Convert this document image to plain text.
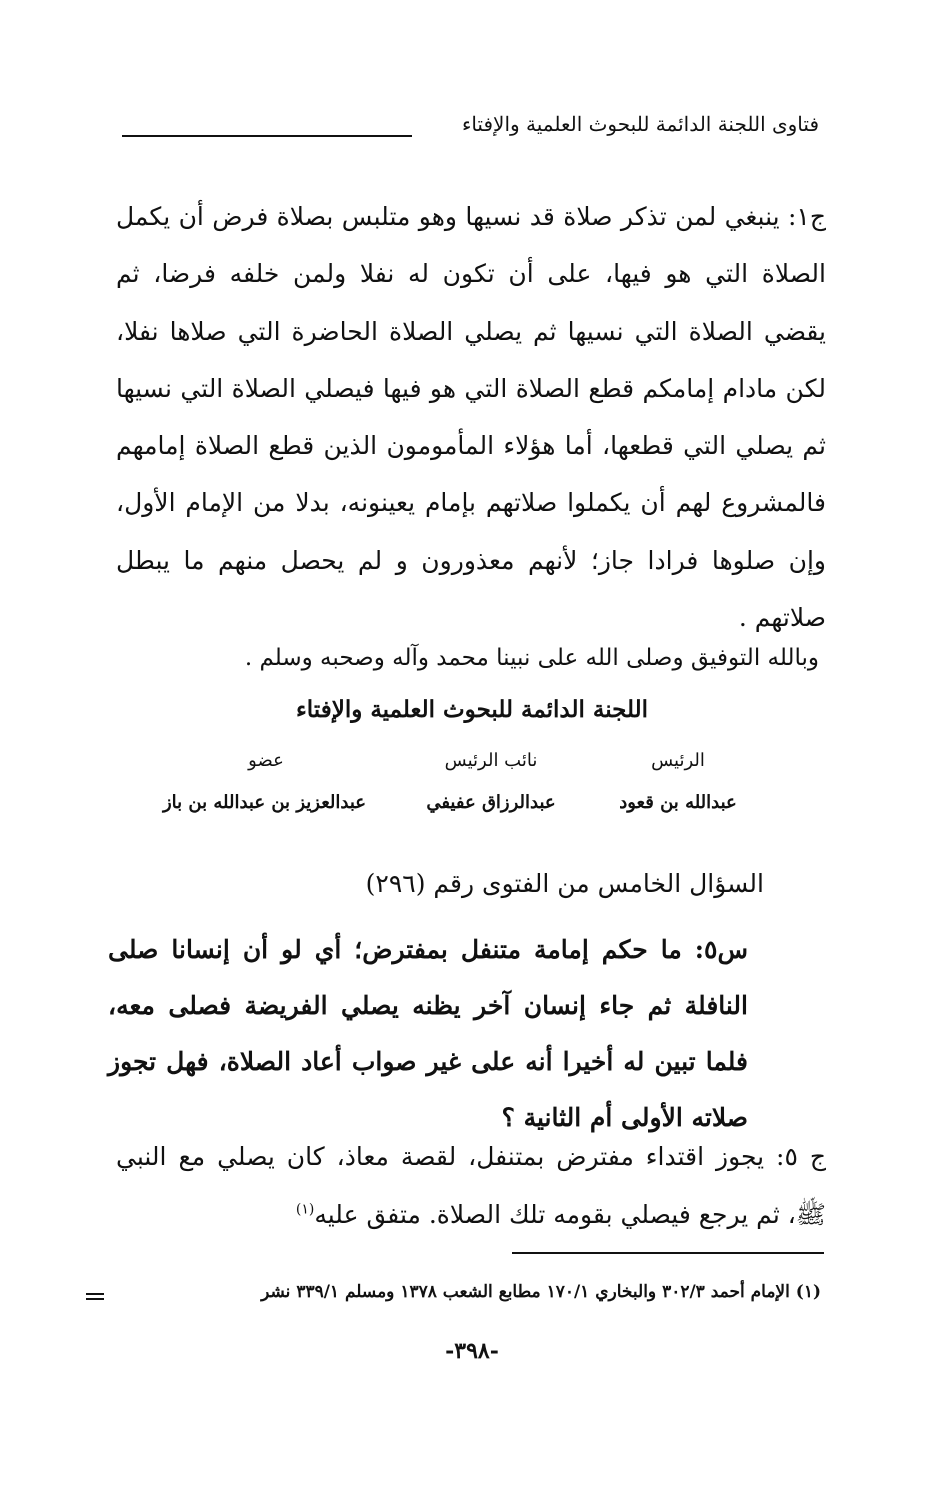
فتاوى اللجنة الدائمة للبحوث العلمية والإفتاء

ج١: ينبغي لمن تذكر صلاة قد نسيها وهو متلبس بصلاة فرض أن يكمل الصلاة التي هو فيها، على أن تكون له نفلا ولمن خلفه فرضا، ثم يقضي الصلاة التي نسيها ثم يصلي الصلاة الحاضرة التي صلاها نفلا، لكن مادام إمامكم قطع الصلاة التي هو فيها فيصلي الصلاة التي نسيها ثم يصلي التي قطعها، أما هؤلاء المأمومون الذين قطع الصلاة إمامهم فالمشروع لهم أن يكملوا صلاتهم بإمام يعينونه، بدلا من الإمام الأول، وإن صلوها فرادا جاز؛ لأنهم معذورون و لم يحصل منهم ما يبطل صلاتهم .

وبالله التوفيق وصلى الله على نبينا محمد وآله وصحبه وسلم .

اللجنة الدائمة للبحوث العلمية والإفتاء

الرئيس
نائب الرئيس
عضو
عبدالعزيز بن عبدالله بن باز	عبدالرزاق عفيفي	عبدالله بن قعود

السؤال الخامس من الفتوى رقم (٢٩٦)

س٥: ما حكم إمامة متنفل بمفترض؛ أي لو أن إنسانا صلى النافلة ثم جاء إنسان آخر يظنه يصلي الفريضة فصلى معه، فلما تبين له أخيرا أنه على غير صواب أعاد الصلاة، فهل تجوز صلاته الأولى أم الثانية ؟

ج ٥: يجوز اقتداء مفترض بمتنفل، لقصة معاذ، كان يصلي مع النبي ﷺ، ثم يرجع فيصلي بقومه تلك الصلاة. متفق عليه$^{(١)}$

(١) الإمام أحمد ٣٠٢/٣ والبخاري ١٧٠/١ مطابع الشعب ١٣٧٨ ومسلم ٣٣٩/١ نشر

-٣٩٨-
